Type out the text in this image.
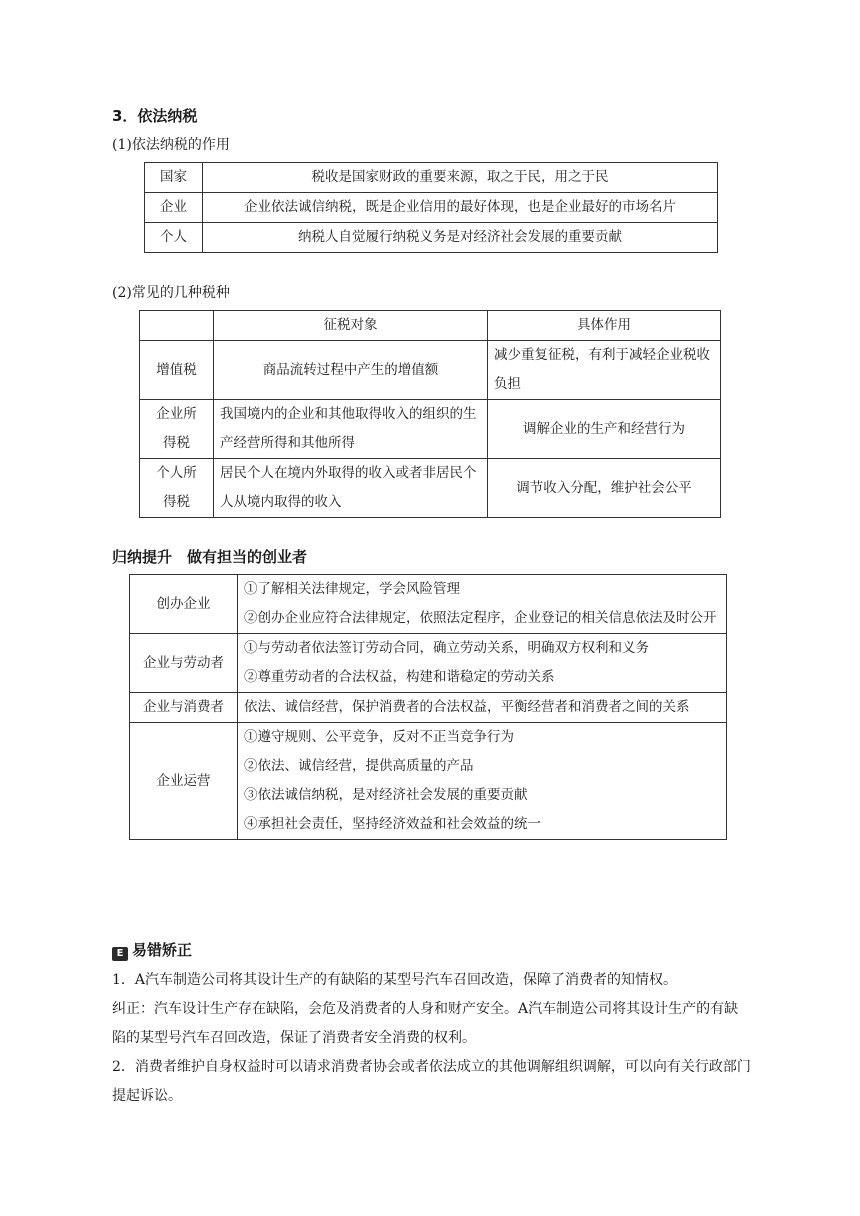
3．依法纳税
(1)依法纳税的作用
国家	税收是国家财政的重要来源，取之于民，用之于民
企业	企业依法诚信纳税，既是企业信用的最好体现，也是企业最好的市场名片
个人	纳税人自觉履行纳税义务是对经济社会发展的重要贡献
(2)常见的几种税种
	征税对象	具体作用
增值税	商品流转过程中产生的增值额	减少重复征税，有利于减轻企业税收负担
企业所得税	我国境内的企业和其他取得收入的组织的生产经营所得和其他所得	调解企业的生产和经营行为
个人所得税	居民个人在境内外取得的收入或者非居民个人从境内取得的收入	调节收入分配，维护社会公平
归纳提升　做有担当的创业者
创办企业	①了解相关法律规定，学会风险管理
②创办企业应符合法律规定，依照法定程序，企业登记的相关信息依法及时公开

企业与劳动者	①与劳动者依法签订劳动合同，确立劳动关系，明确双方权利和义务
②尊重劳动者的合法权益，构建和谐稳定的劳动关系

企业与消费者	依法、诚信经营，保护消费者的合法权益，平衡经营者和消费者之间的关系

企业运营	①遵守规则、公平竞争，反对不正当竞争行为
②依法、诚信经营，提供高质量的产品
③依法诚信纳税，是对经济社会发展的重要贡献
④承担社会责任，坚持经济效益和社会效益的统一
E 易错矫正

1．A汽车制造公司将其设计生产的有缺陷的某型号汽车召回改造，保障了消费者的知情权。

纠正：汽车设计生产存在缺陷，会危及消费者的人身和财产安全。A汽车制造公司将其设计生产的有缺陷的某型号汽车召回改造，保证了消费者安全消费的权利。

2．消费者维护自身权益时可以请求消费者协会或者依法成立的其他调解组织调解，可以向有关行政部门提起诉讼。
